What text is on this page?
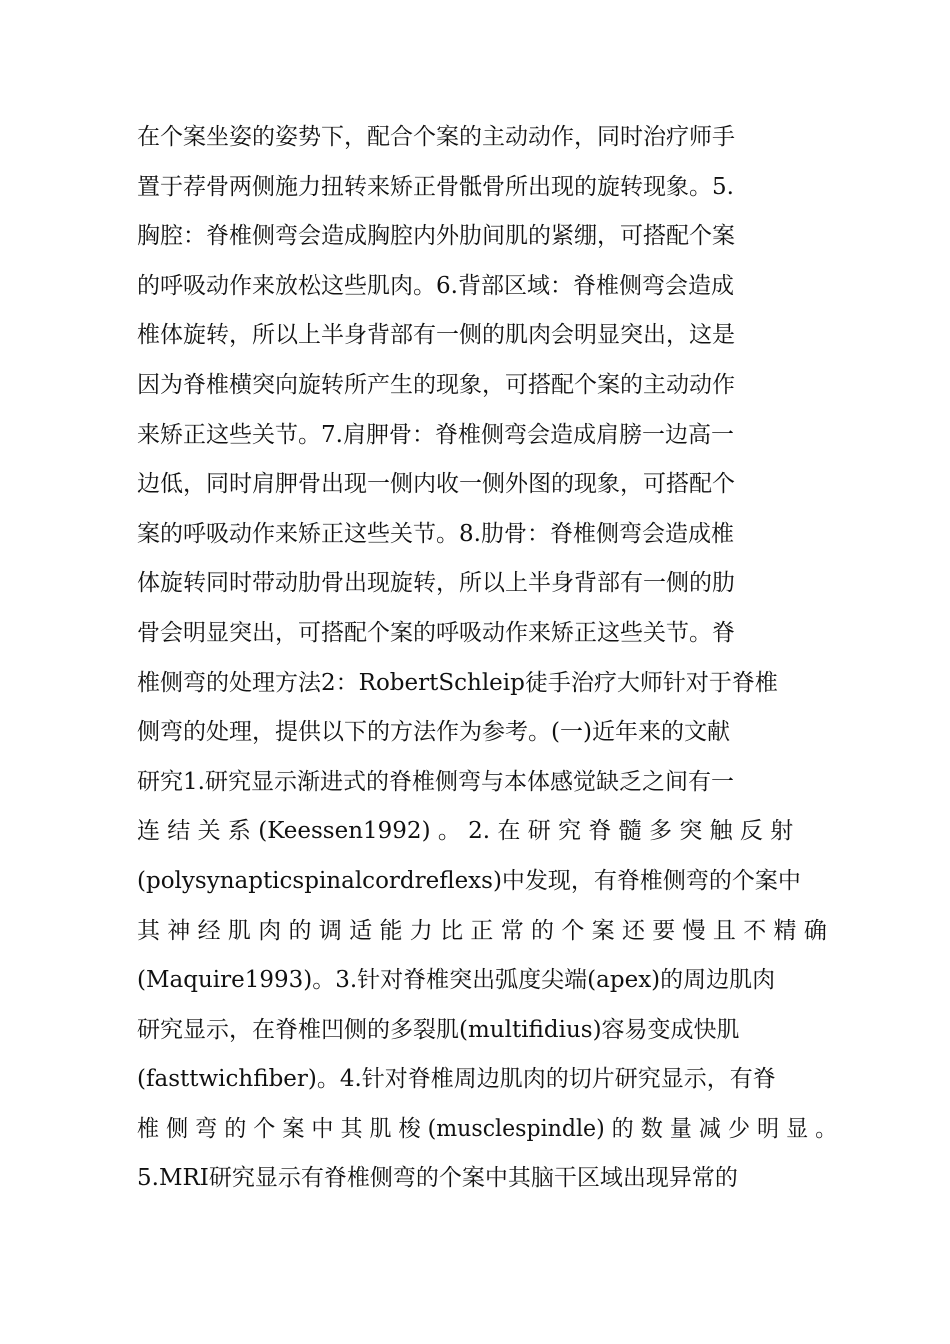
在个案坐姿的姿势下，配合个案的主动动作，同时治疗师手
置于荐骨两侧施力扭转来矫正骨骶骨所出现的旋转现象。5.
胸腔：脊椎侧弯会造成胸腔内外肋间肌的紧绷，可搭配个案
的呼吸动作来放松这些肌肉。6.背部区域：脊椎侧弯会造成
椎体旋转，所以上半身背部有一侧的肌肉会明显突出，这是
因为脊椎横突向旋转所产生的现象，可搭配个案的主动动作
来矫正这些关节。7.肩胛骨：脊椎侧弯会造成肩膀一边高一
边低，同时肩胛骨出现一侧内收一侧外图的现象，可搭配个
案的呼吸动作来矫正这些关节。8.肋骨：脊椎侧弯会造成椎
体旋转同时带动肋骨出现旋转，所以上半身背部有一侧的肋
骨会明显突出，可搭配个案的呼吸动作来矫正这些关节。脊
椎侧弯的处理方法2：RobertSchleip徒手治疗大师针对于脊椎
侧弯的处理，提供以下的方法作为参考。(一)近年来的文献
研究1.研究显示渐进式的脊椎侧弯与本体感觉缺乏之间有一
连 结 关 系 (Keessen1992) 。 2. 在 研 究 脊 髓 多 突 触 反 射
(polysynapticspinalcordreflexs)中发现，有脊椎侧弯的个案中
其 神 经 肌 肉 的 调 适 能 力 比 正 常 的 个 案 还 要 慢 且 不 精 确
(Maquire1993)。3.针对脊椎突出弧度尖端(apex)的周边肌肉
研究显示，在脊椎凹侧的多裂肌(multifidius)容易变成快肌
(fasttwichfiber)。4.针对脊椎周边肌肉的切片研究显示，有脊
椎 侧 弯 的 个 案 中 其 肌 梭 (musclespindle) 的 数 量 减 少 明 显 。
5.MRI研究显示有脊椎侧弯的个案中其脑干区域出现异常的
